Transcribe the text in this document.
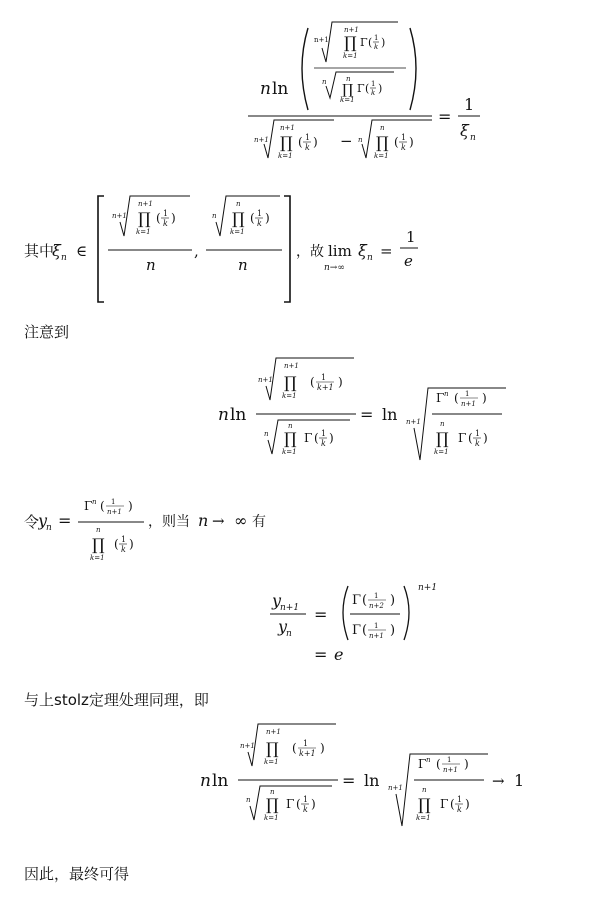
n ln
n+1
n+1
∏
k=1
Γ ( 1
k )
n	n
∏
k=1
Γ ( 1
k )
n+1
n+1
∏
k=1
( 1
k ) − n
n
∏
k=1
( 1
k )
=
1
ξ n
其中
ξ n ∈
n+1
n+1
∏
k=1
( 1
k )
n
,
n
n
∏
k=1
( 1
k )
n
，故 lim
n→∞
ξ n =
1
e
注意到
n ln
n+1
n+1
∏
k=1
( 1
k+1 )
n
n
∏
k=1
Γ ( 1
k )
= ln n+1
Γ n ( 1
n+1 )
n
∏
k=1
Γ ( 1
k )
令
y
n =
Γ n ( 1
n+1 )
n
∏
k=1
( 1
k )
，则当 n → ∞ 有
y
n+1
y
n
=
Γ ( 1
n+2 )
Γ ( 1
n+1 )
n+1
= e
与上stolz定理处理同理，即
n ln
n+1
n+1
∏
k=1
( 1
k+1 )
n
n
∏
k=1
Γ ( 1
k )
= ln n+1
Γ n ( 1
n+1 )
n
∏
k=1
Γ ( 1
k )
→ 1
因此，最终可得
